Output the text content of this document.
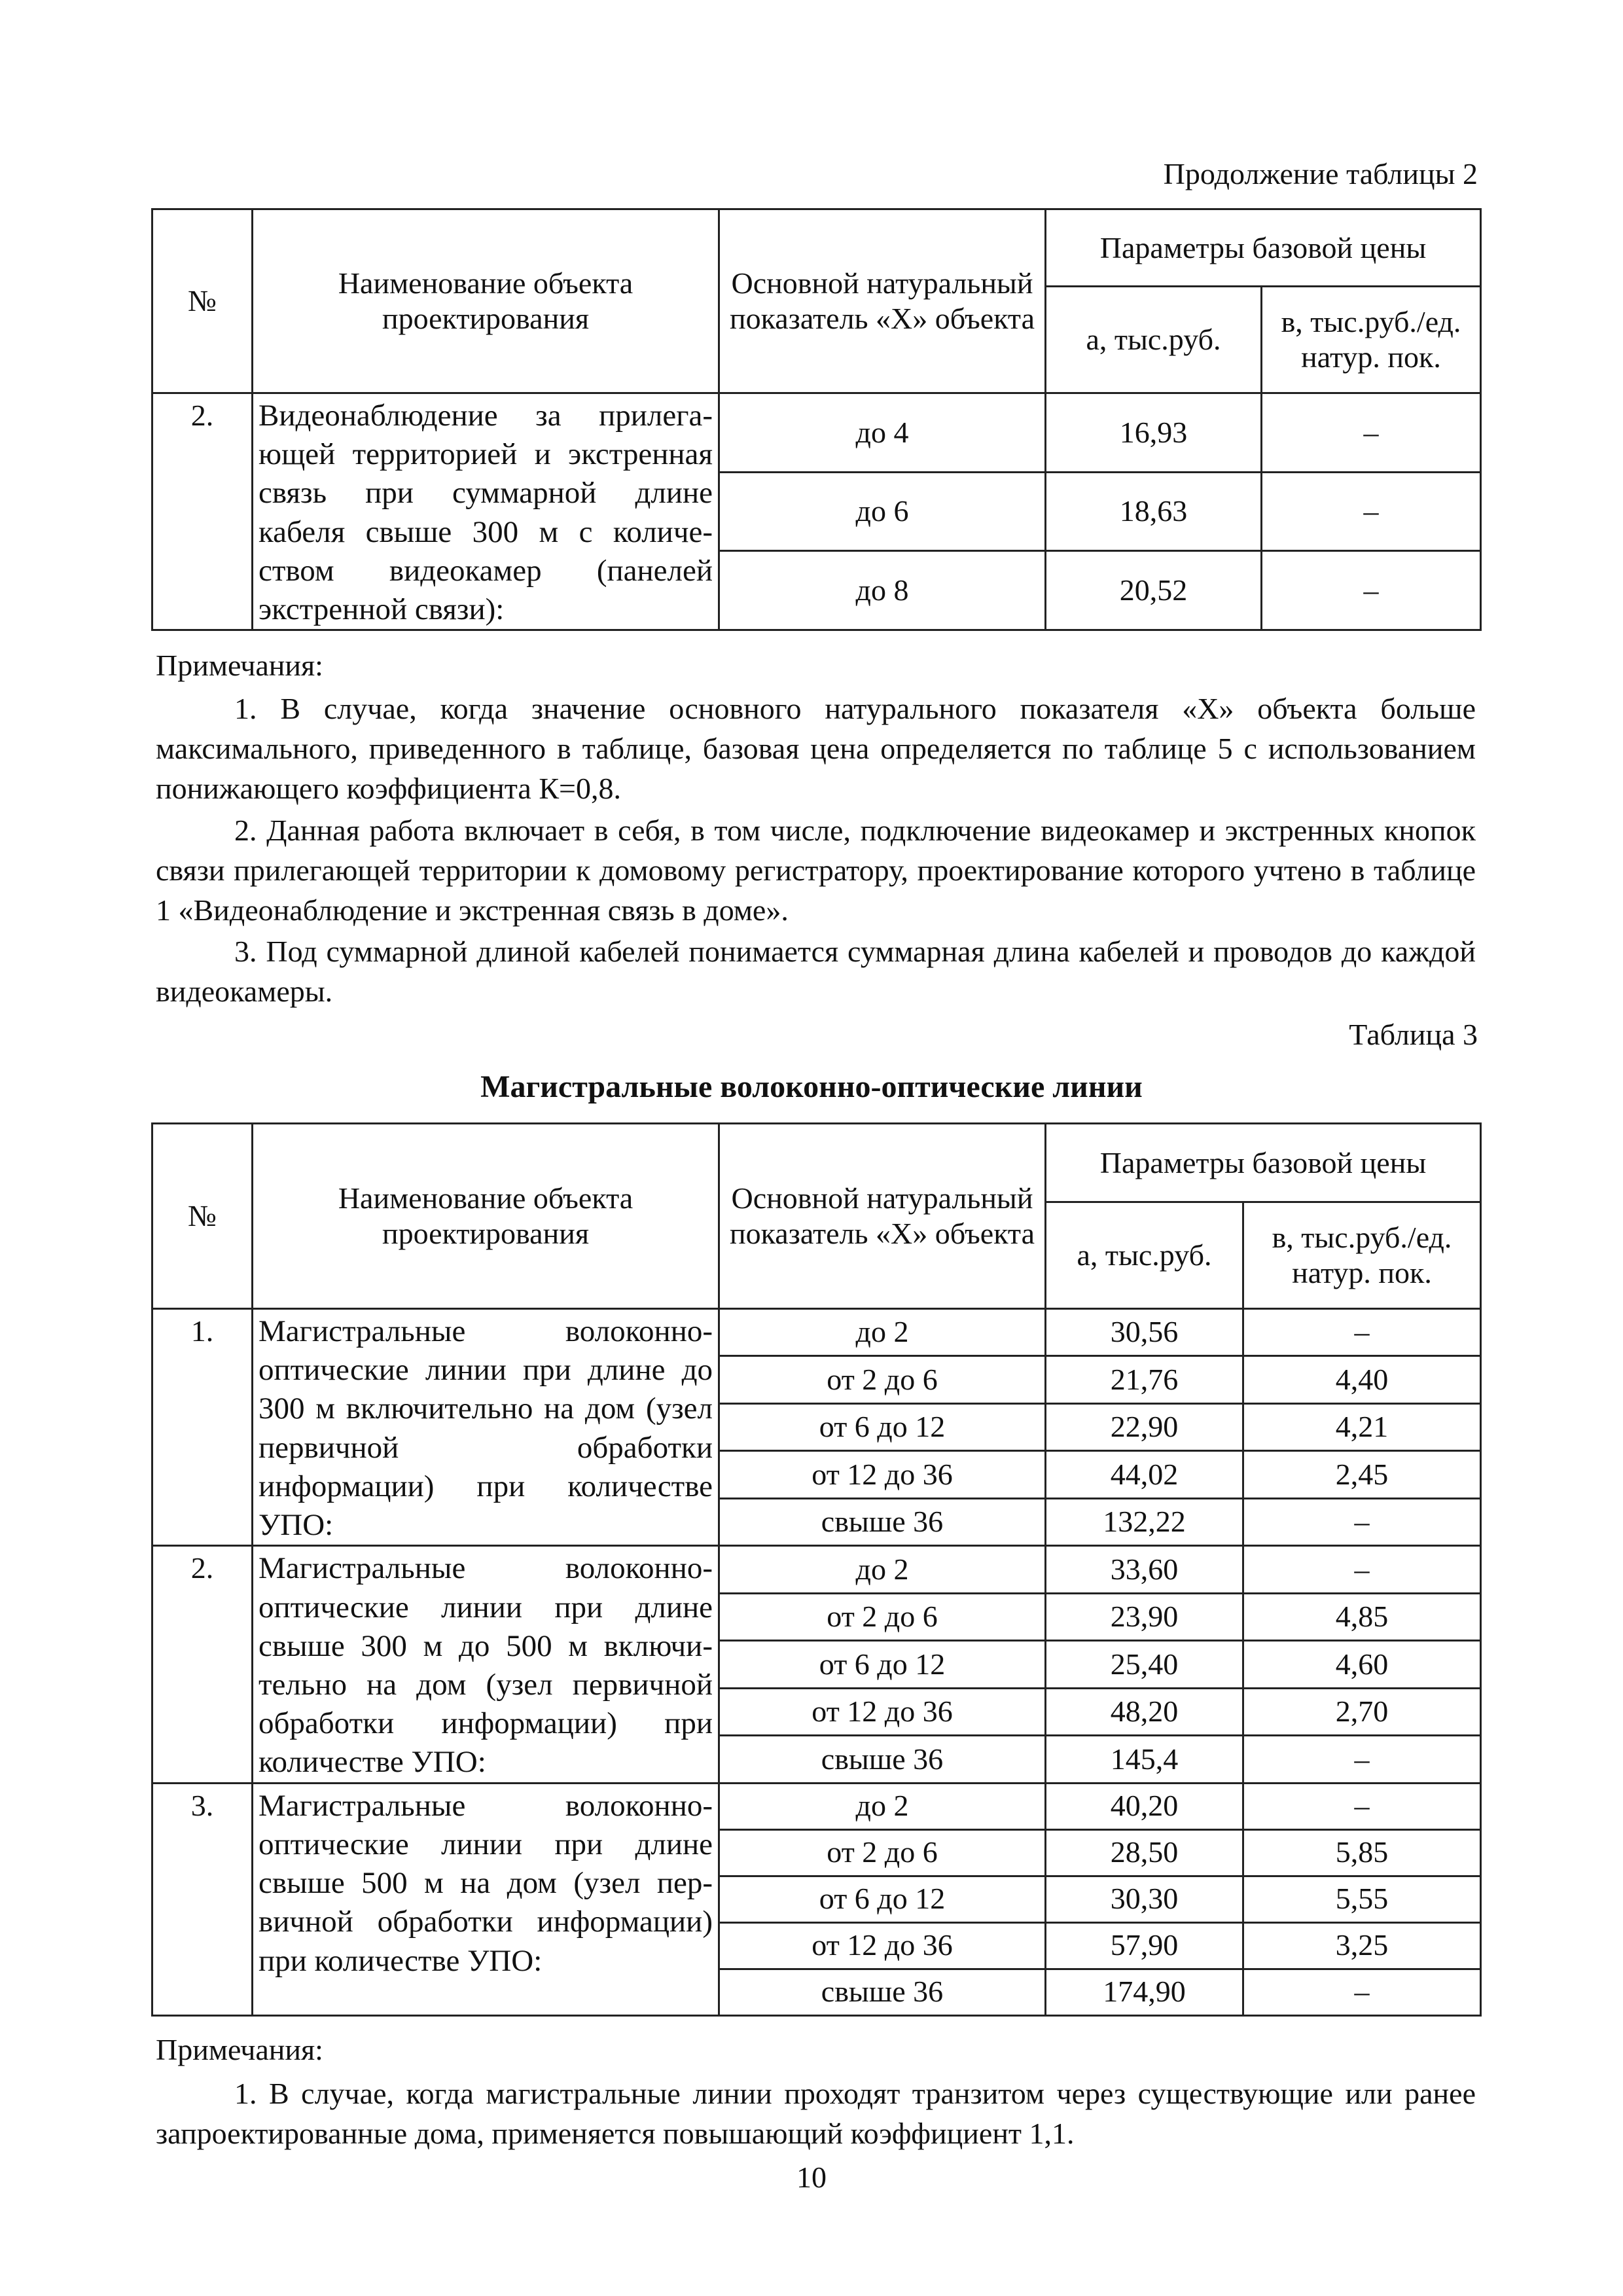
Продолжение таблицы 2
№	Наименование объекта проектирования	Основной натуральный показатель «Х» объекта	Параметры базовой цены	
			а, тыс.руб.	в, тыс.руб./ед. натур. пок.
2.	Видеонаблюдение за прилегающей территорией и экстренная связь при суммарной длине кабеля свыше 300 м с количеством видеокамер (панелей экстренной связи):	до 4	16,93	–
		до 6	18,63	–
		до 8	20,52	–
Примечания:
1. В случае, когда значение основного натурального показателя «Х» объекта больше максимального, приведенного в таблице, базовая цена определяется по таблице 5 с использованием понижающего коэффициента К=0,8.
2. Данная работа включает в себя, в том числе, подключение видеокамер и экстренных кнопок связи прилегающей территории к домовому регистратору, проектирование которого учтено в таблице 1 «Видеонаблюдение и экстренная связь в доме».
3. Под суммарной длиной кабелей понимается суммарная длина кабелей и проводов до каждой видеокамеры.
Таблица 3
Магистральные волоконно-оптические линии
№	Наименование объекта проектирования	Основной натуральный показатель «Х» объекта	Параметры базовой цены	
			а, тыс.руб.	в, тыс.руб./ед. натур. пок.
1.	Магистральные волоконно-оптические линии при длине до 300 м включительно на дом (узел первичной обработки информации) при количестве УПО:	до 2	30,56	–
		от 2 до 6	21,76	4,40
		от 6 до 12	22,90	4,21
		от 12 до 36	44,02	2,45
		свыше 36	132,22	–
2.	Магистральные волоконно-оптические линии при длине свыше 300 м до 500 м включительно на дом (узел первичной обработки информации) при количестве УПО:	до 2	33,60	–
		от 2 до 6	23,90	4,85
		от 6 до 12	25,40	4,60
		от 12 до 36	48,20	2,70
		свыше 36	145,4	–
3.	Магистральные волоконно-оптические линии при длине свыше 500 м на дом (узел первичной обработки информации) при количестве УПО:	до 2	40,20	–
		от 2 до 6	28,50	5,85
		от 6 до 12	30,30	5,55
		от 12 до 36	57,90	3,25
		свыше 36	174,90	–
Примечания:
1. В случае, когда магистральные линии проходят транзитом через существующие или ранее запроектированные дома, применяется повышающий коэффициент 1,1.
10
